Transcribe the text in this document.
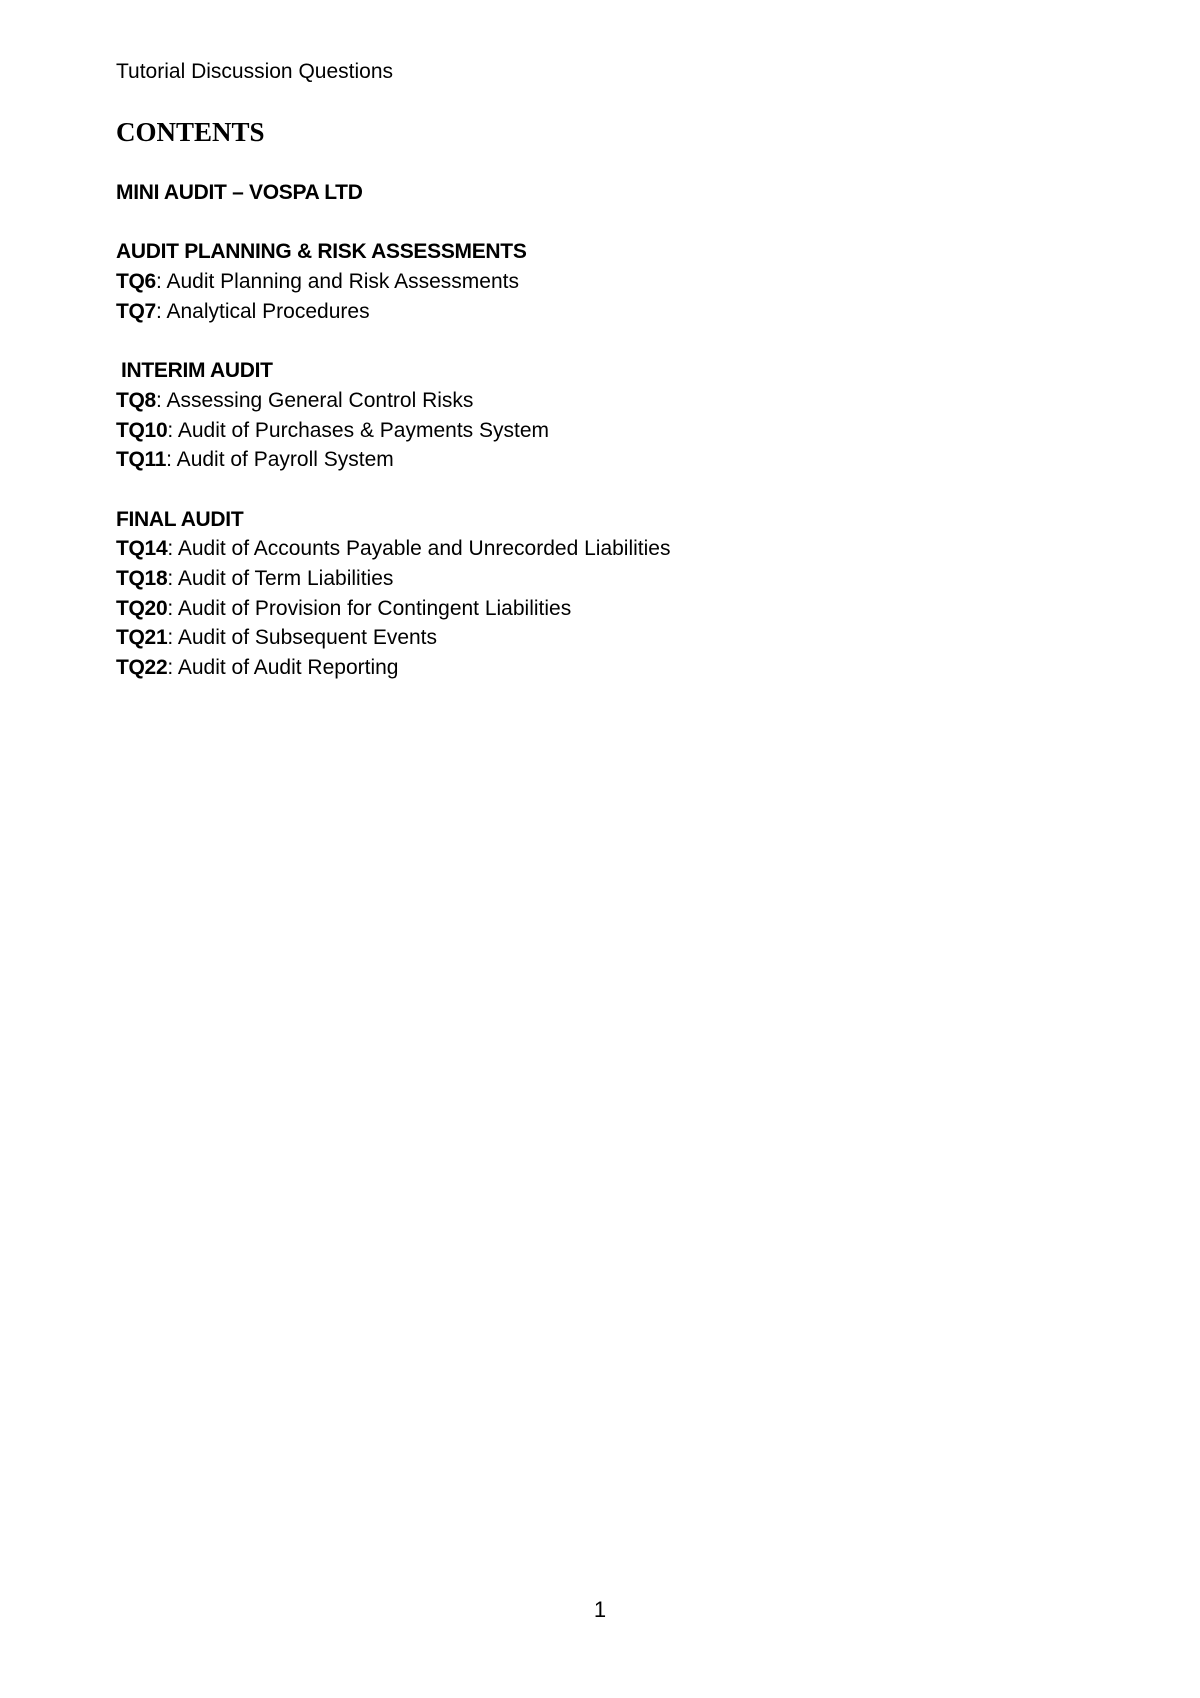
Tutorial Discussion Questions
CONTENTS
MINI AUDIT – VOSPA LTD
AUDIT PLANNING & RISK ASSESSMENTS
TQ6: Audit Planning and Risk Assessments
TQ7: Analytical Procedures
INTERIM AUDIT
TQ8: Assessing General Control Risks
TQ10: Audit of Purchases & Payments System
TQ11: Audit of Payroll System
FINAL AUDIT
TQ14: Audit of Accounts Payable and Unrecorded Liabilities
TQ18: Audit of Term Liabilities
TQ20: Audit of Provision for Contingent Liabilities
TQ21: Audit of Subsequent Events
TQ22: Audit of Audit Reporting
1
